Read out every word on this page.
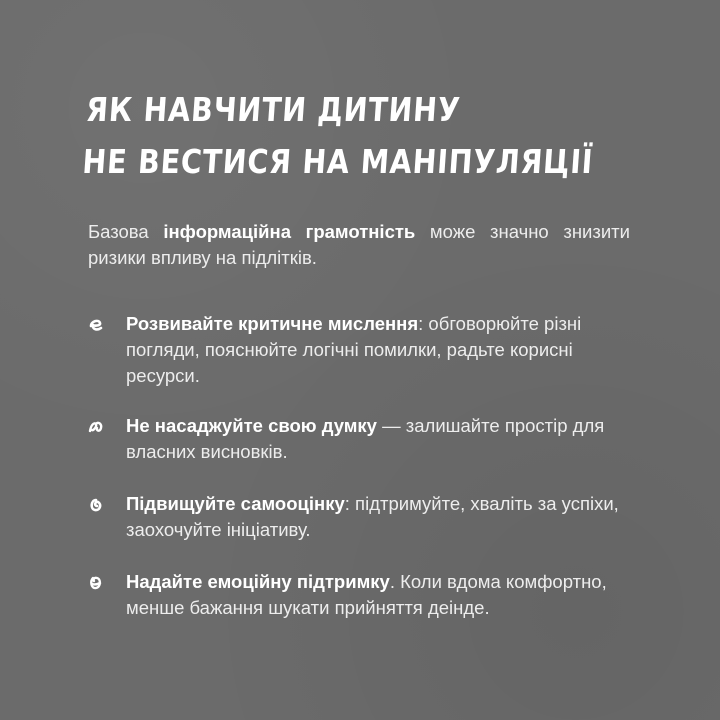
ЯК НАВЧИТИ ДИТИНУ
НЕ ВЕСТИСЯ НА МАНІПУЛЯЦІЇ
Базова інформаційна грамотність може значно знизити ризики впливу на підлітків.
Розвивайте критичне мислення: обговорюйте різні погляди, пояснюйте логічні помилки, радьте корисні ресурси.
Не насаджуйте свою думку — залишайте простір для власних висновків.
Підвищуйте самооцінку: підтримуйте, хваліть за успіхи, заохочуйте ініціативу.
Надайте емоційну підтримку. Коли вдома комфортно, менше бажання шукати прийняття деінде.
